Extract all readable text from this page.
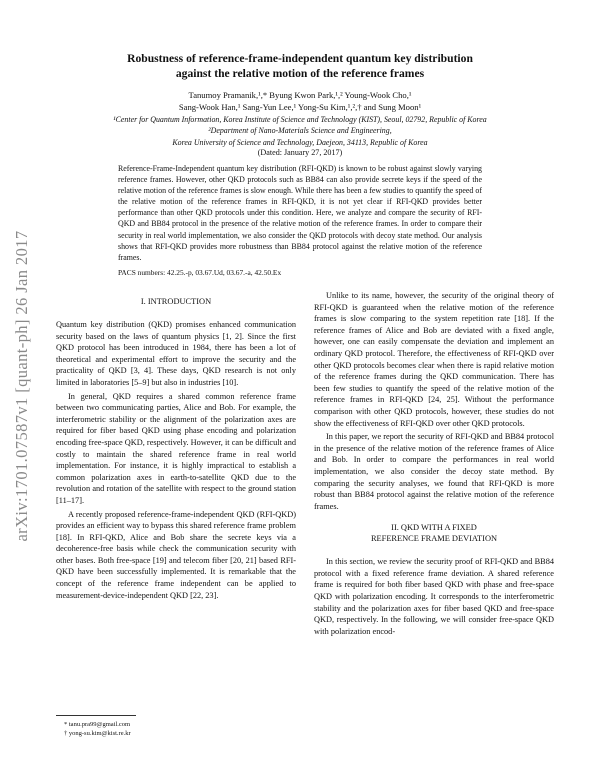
arXiv:1701.07587v1 [quant-ph] 26 Jan 2017
Robustness of reference-frame-independent quantum key distribution
against the relative motion of the reference frames
Tanumoy Pramanik,¹,* Byung Kwon Park,¹,² Young-Wook Cho,¹
Sang-Wook Han,¹ Sang-Yun Lee,¹ Yong-Su Kim,¹,²,† and Sung Moon¹
¹Center for Quantum Information, Korea Institute of Science and Technology (KIST), Seoul, 02792, Republic of Korea
²Department of Nano-Materials Science and Engineering,
Korea University of Science and Technology, Daejeon, 34113, Republic of Korea
(Dated: January 27, 2017)
Reference-Frame-Independent quantum key distribution (RFI-QKD) is known to be robust against slowly varying reference frames. However, other QKD protocols such as BB84 can also provide secrete keys if the speed of the relative motion of the reference frames is slow enough. While there has been a few studies to quantify the speed of the relative motion of the reference frames in RFI-QKD, it is not yet clear if RFI-QKD provides better performance than other QKD protocols under this condition. Here, we analyze and compare the security of RFI-QKD and BB84 protocol in the presence of the relative motion of the reference frames. In order to compare their security in real world implementation, we also consider the QKD protocols with decoy state method. Our analysis shows that RFI-QKD provides more robustness than BB84 protocol against the relative motion of the reference frames.
PACS numbers: 42.25.-p, 03.67.Ud, 03.67.-a, 42.50.Ex
I. INTRODUCTION

Quantum key distribution (QKD) promises enhanced communication security based on the laws of quantum physics [1, 2]. Since the first QKD protocol has been introduced in 1984, there has been a lot of theoretical and experimental effort to improve the security and the practicality of QKD [3, 4]. These days, QKD research is not only limited in laboratories [5–9] but also in industries [10].

In general, QKD requires a shared common reference frame between two communicating parties, Alice and Bob. For example, the interferometric stability or the alignment of the polarization axes are required for fiber based QKD using phase encoding and polarization encoding free-space QKD, respectively. However, it can be difficult and costly to maintain the shared reference frame in real world implementation. For instance, it is highly impractical to establish a common polarization axes in earth-to-satellite QKD due to the revolution and rotation of the satellite with respect to the ground station [11–17].

A recently proposed reference-frame-independent QKD (RFI-QKD) provides an efficient way to bypass this shared reference frame problem [18]. In RFI-QKD, Alice and Bob share the secrete keys via a decoherence-free basis while check the communication security with other bases. Both free-space [19] and telecom fiber [20, 21] based RFI-QKD have been successfully implemented. It is remarkable that the concept of the reference frame independent can be applied to measurement-device-independent QKD [22, 23].

Unlike to its name, however, the security of the original theory of RFI-QKD is guaranteed when the relative motion of the reference frames is slow comparing to the system repetition rate [18]. If the reference frames of Alice and Bob are deviated with a fixed angle, however, one can easily compensate the deviation and implement an ordinary QKD protocol. Therefore, the effectiveness of RFI-QKD over other QKD protocols becomes clear when there is rapid relative motion of the reference frames during the QKD communication. There has been few studies to quantify the speed of the relative motion of the reference frames in RFI-QKD [24, 25]. Without the performance comparison with other QKD protocols, however, these studies do not show the effectiveness of RFI-QKD over other QKD protocols.

In this paper, we report the security of RFI-QKD and BB84 protocol in the presence of the relative motion of the reference frames of Alice and Bob. In order to compare the performances in real world implementation, we also consider the decoy state method. By comparing the security analyses, we found that RFI-QKD is more robust than BB84 protocol against the relative motion of the reference frames.

II. QKD WITH A FIXED
REFERENCE FRAME DEVIATION

In this section, we review the security proof of RFI-QKD and BB84 protocol with a fixed reference frame deviation. A shared reference frame is required for both fiber based QKD with phase and free-space QKD with polarization encoding. It corresponds to the interferometric stability and the polarization axes for fiber based QKD and free-space QKD, respectively. In the following, we will consider free-space QKD with polarization encod-

* tanu.pra99@gmail.com
† yong-su.kim@kist.re.kr
